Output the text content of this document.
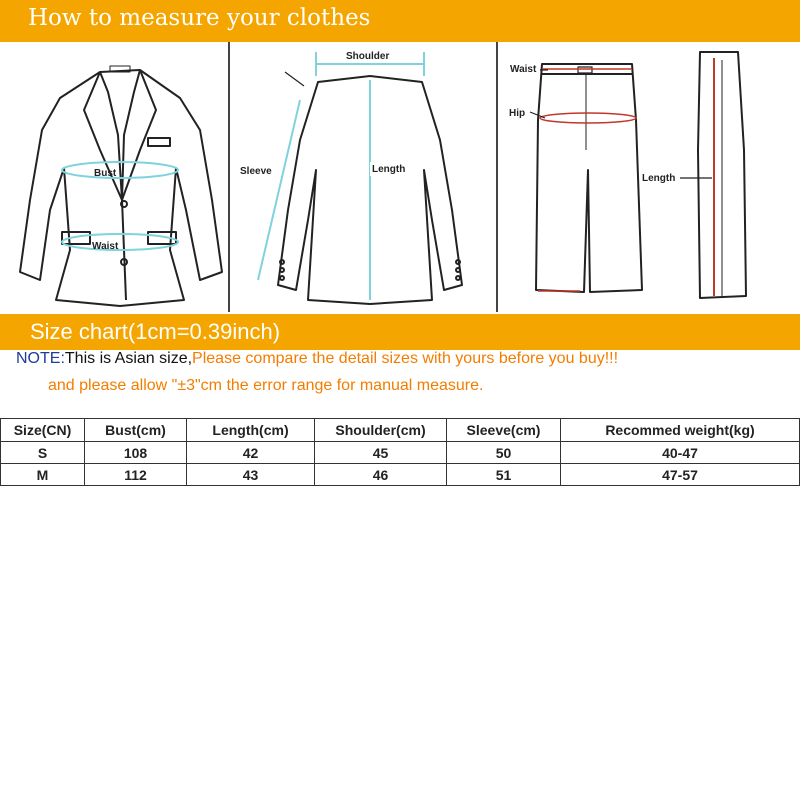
How to measure your clothes
Bust
Waist
Shoulder
Sleeve	Length
Waist
Hip
Length
Size chart(1cm=0.39inch)
NOTE:This is Asian size,Please compare the detail sizes with yours before you buy!!!
and please allow "±3"cm the error range for manual measure.
Size(CN)	Bust(cm)	Length(cm)	Shoulder(cm)	Sleeve(cm)	Recommed weight(kg)
S	108	42	45	50	40-47
M	112	43	46	51	47-57
